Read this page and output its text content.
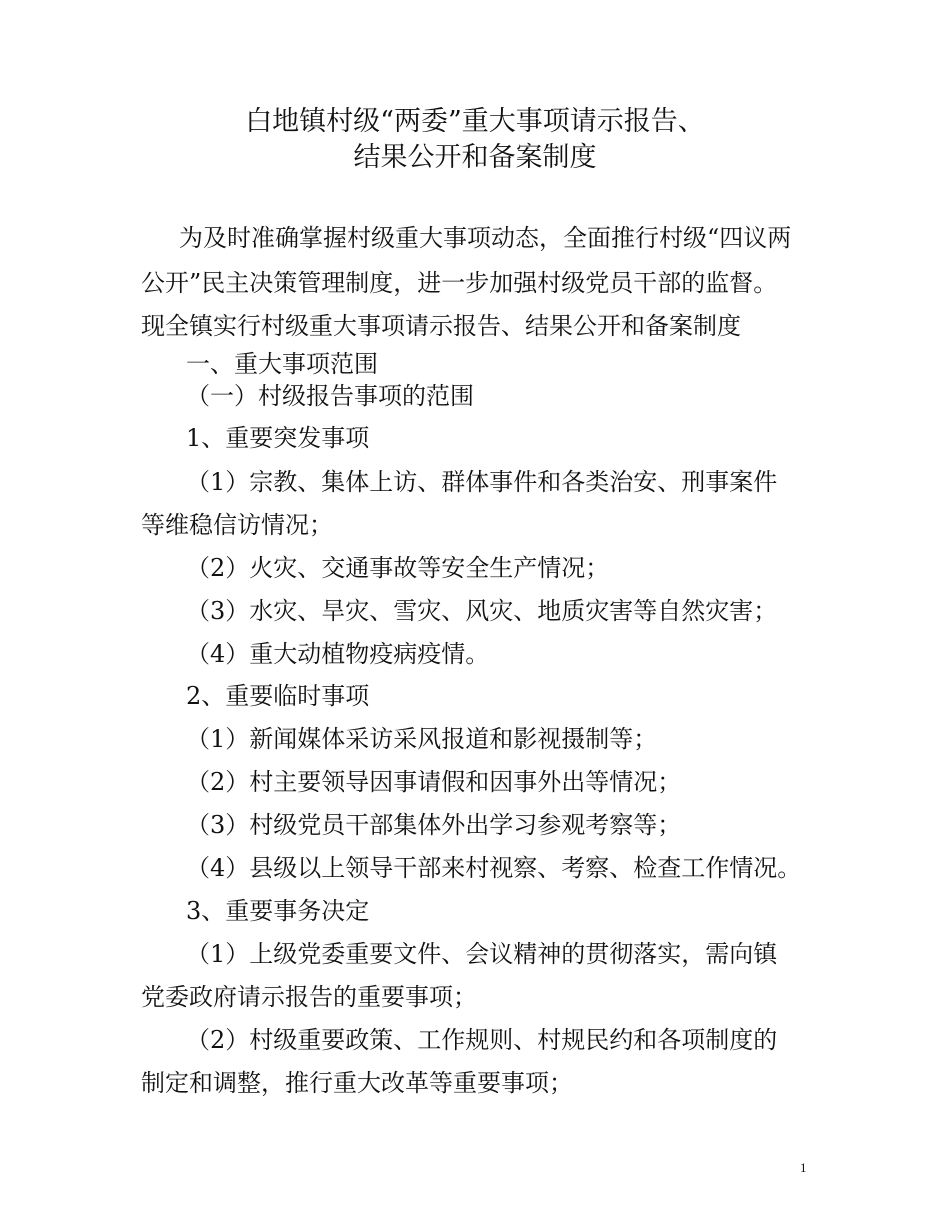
白地镇村级“两委”重大事项请示报告、
结果公开和备案制度
为及时准确掌握村级重大事项动态，全面推行村级“四议两
公开”民主决策管理制度，进一步加强村级党员干部的监督。
现全镇实行村级重大事项请示报告、结果公开和备案制度
一、重大事项范围
（一）村级报告事项的范围
1、重要突发事项
（1）宗教、集体上访、群体事件和各类治安、刑事案件
等维稳信访情况；
（2）火灾、交通事故等安全生产情况；
（3）水灾、旱灾、雪灾、风灾、地质灾害等自然灾害；
（4）重大动植物疫病疫情。
2、重要临时事项
（1）新闻媒体采访采风报道和影视摄制等；
（2）村主要领导因事请假和因事外出等情况；
（3）村级党员干部集体外出学习参观考察等；
（4）县级以上领导干部来村视察、考察、检查工作情况。
3、重要事务决定
（1）上级党委重要文件、会议精神的贯彻落实，需向镇
党委政府请示报告的重要事项；
（2）村级重要政策、工作规则、村规民约和各项制度的
制定和调整，推行重大改革等重要事项；
1
